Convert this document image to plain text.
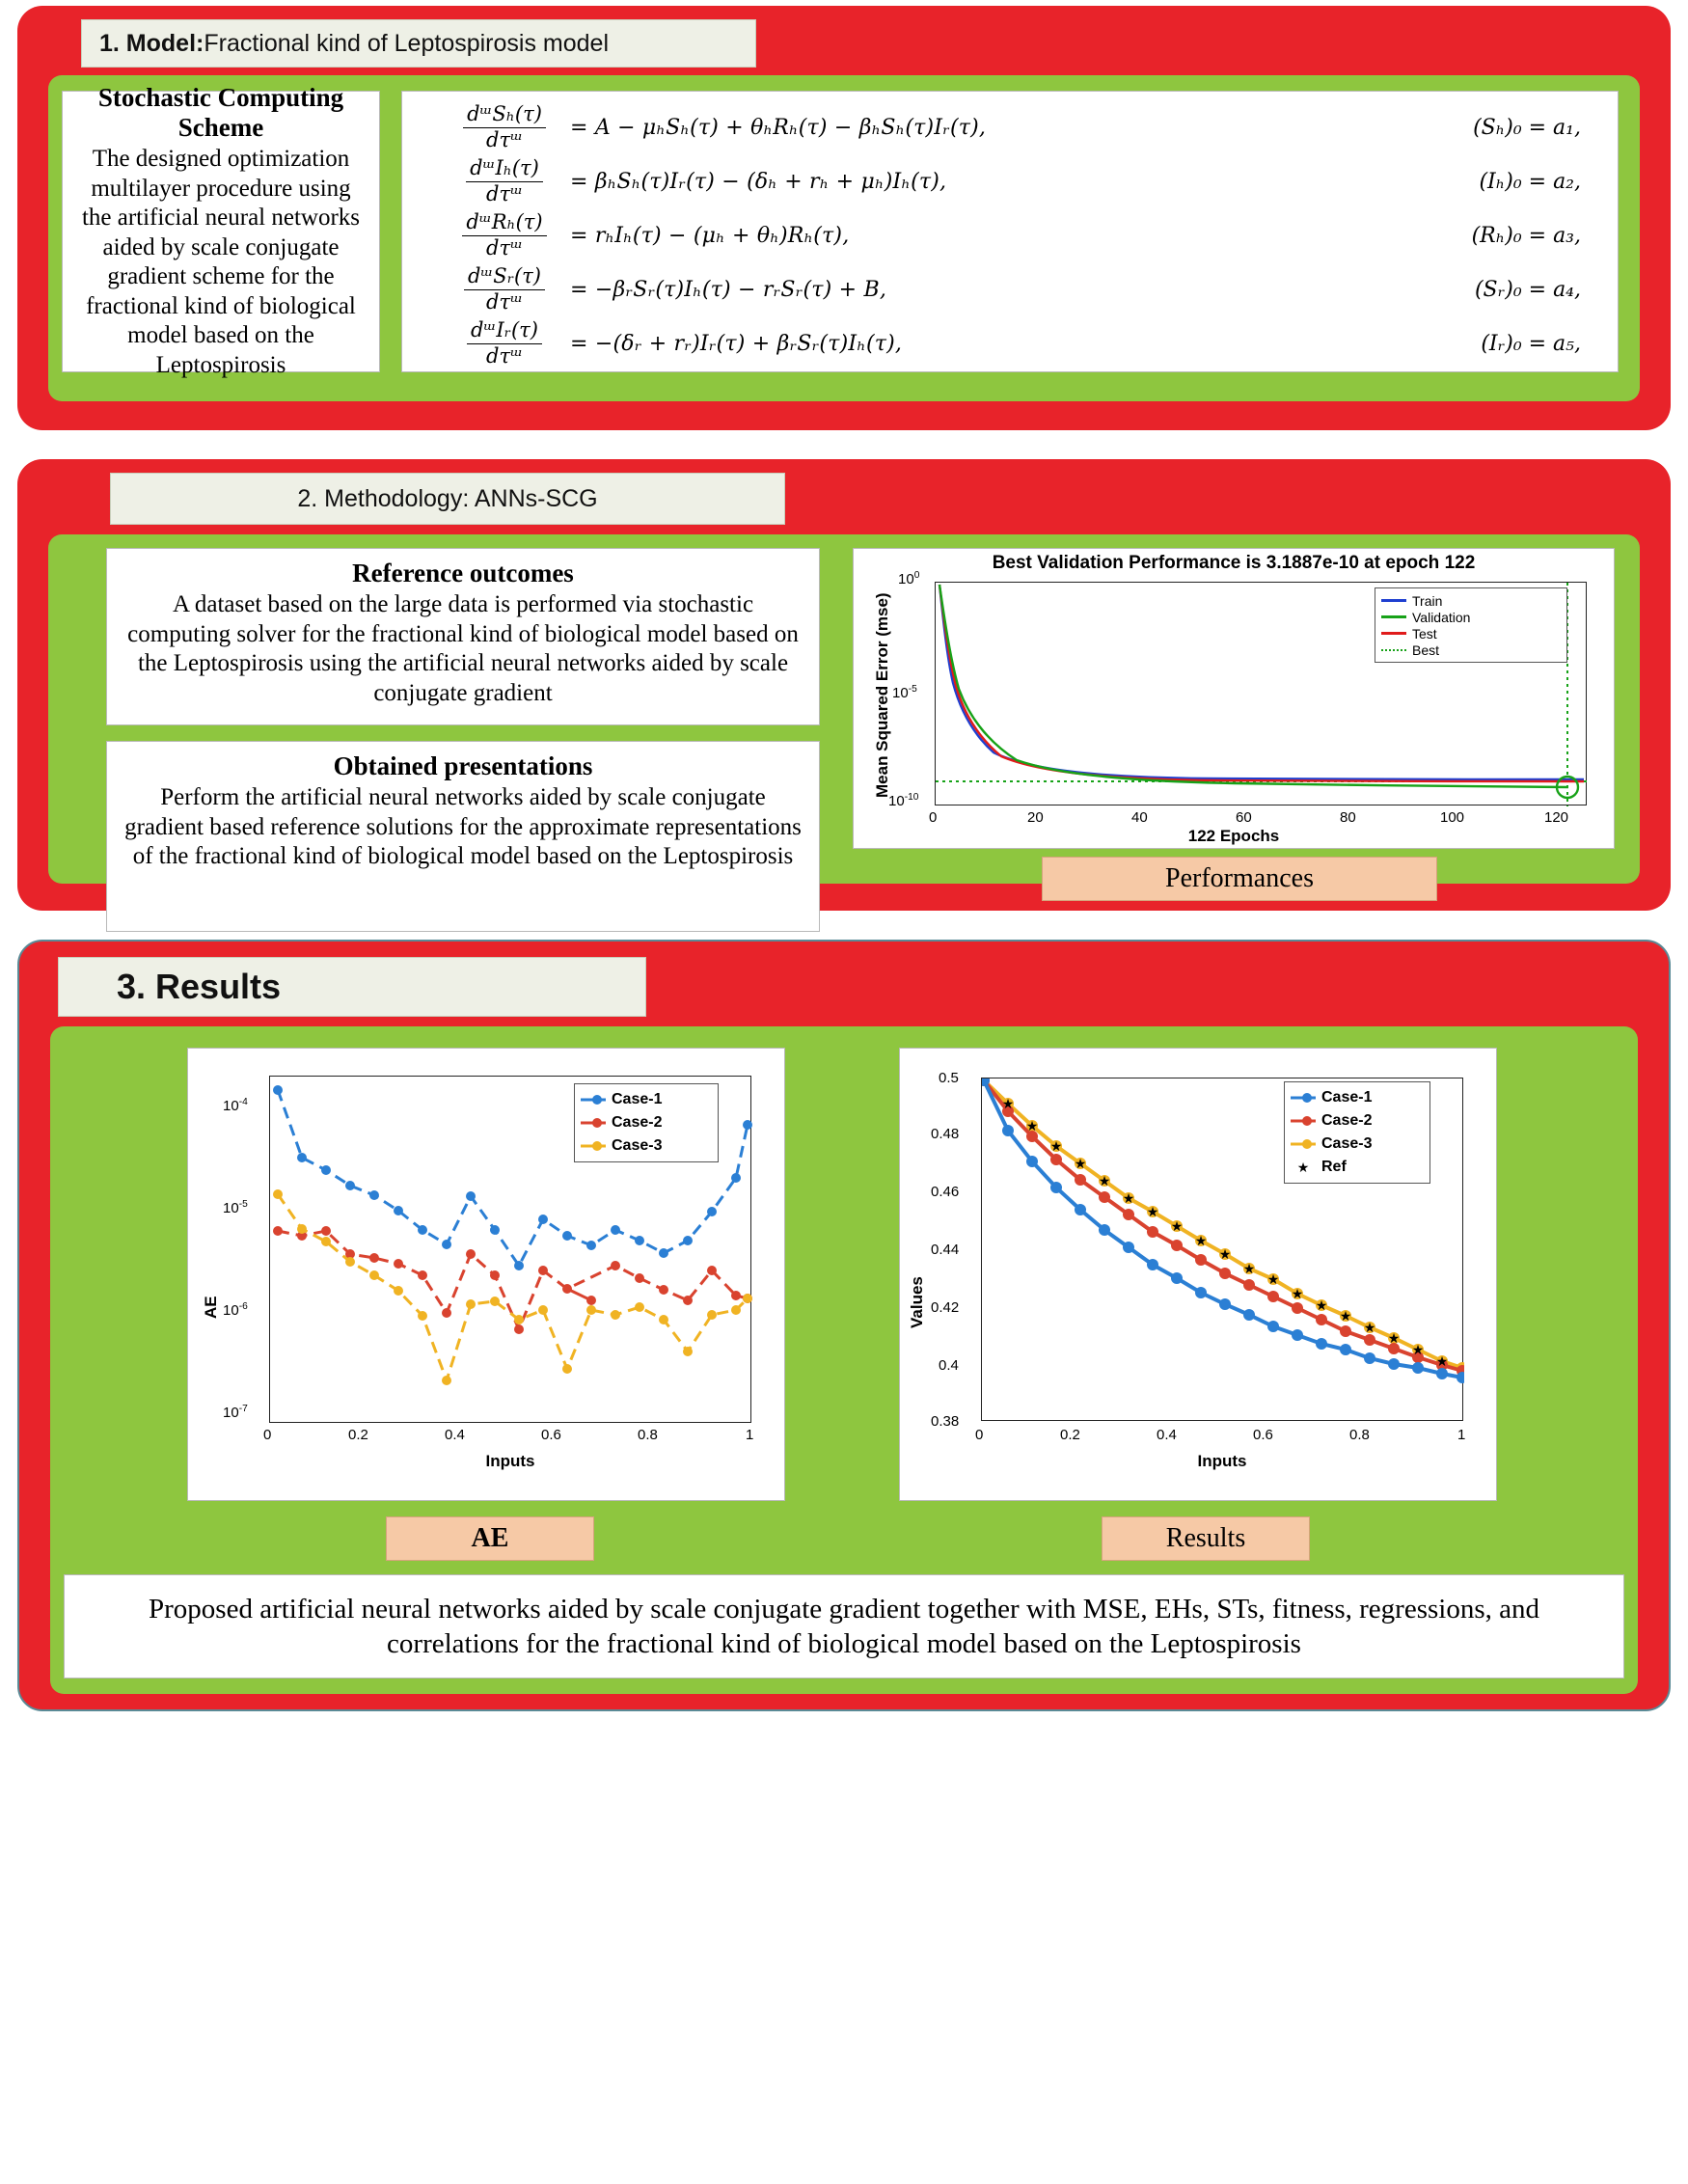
1. Model: Fractional kind of Leptospirosis model
Stochastic Computing Scheme
The designed optimization multilayer procedure using the artificial neural networks aided by scale conjugate gradient scheme for the fractional kind of biological model based on the Leptospirosis
{
$\frac{\text{dᵚSₕ(τ)}}{\text{dτᵚ}}$	= A − μₕSₕ(τ) + θₕRₕ(τ) − βₕSₕ(τ)Iᵣ(τ),	(Sₕ)₀ = a₁,
$\frac{\text{dᵚIₕ(τ)}}{\text{dτᵚ}}$	= βₕSₕ(τ)Iᵣ(τ) − (δₕ + rₕ + μₕ)Iₕ(τ),	(Iₕ)₀ = a₂,
$\frac{\text{dᵚRₕ(τ)}}{\text{dτᵚ}}$	= rₕIₕ(τ) − (μₕ + θₕ)Rₕ(τ),	(Rₕ)₀ = a₃,
$\frac{\text{dᵚSᵣ(τ)}}{\text{dτᵚ}}$	= −βᵣSᵣ(τ)Iₕ(τ) − rᵣSᵣ(τ) + B,	(Sᵣ)₀ = a₄,
$\frac{\text{dᵚIᵣ(τ)}}{\text{dτᵚ}}$	= −(δᵣ + rᵣ)Iᵣ(τ) + βᵣSᵣ(τ)Iₕ(τ),	(Iᵣ)₀ = a₅,
2. Methodology: ANNs-SCG
Reference outcomes
A dataset based on the large data is performed via stochastic computing solver for the fractional kind of biological model based on the Leptospirosis using the artificial neural networks aided by scale conjugate gradient
Obtained presentations
Perform the artificial neural networks aided by scale conjugate gradient based reference solutions for the approximate representations of the fractional kind of biological model based on the Leptospirosis
Best Validation Performance is 3.1887e-10 at epoch 122
Mean Squared Error (mse)
$10^0$
$10^{-5}$
$10^{-10}$
0	20	40	60	80	100	120
122 Epochs
Train
Validation
Test
Best
Performances
3. Results
AE
$10^{-4}$
$10^{-5}$
$10^{-6}$
$10^{-7}$
0	0.2	0.4	0.6	0.8	1
Inputs
Case-1
Case-2
Case-3
Values
0.5
0.48
0.46
0.44
0.42
0.4
0.38
★
★
★
★
★
★
★
★
★
★
★
★
★
★
★
★
★
★
★
0	0.2	0.4	0.6	0.8	1
Inputs
Case-1
Case-2
Case-3
★ Ref
AE	Results
Proposed artificial neural networks aided by scale conjugate gradient together with MSE, EHs, STs, fitness, regressions, and correlations for the fractional kind of biological model based on the Leptospirosis
